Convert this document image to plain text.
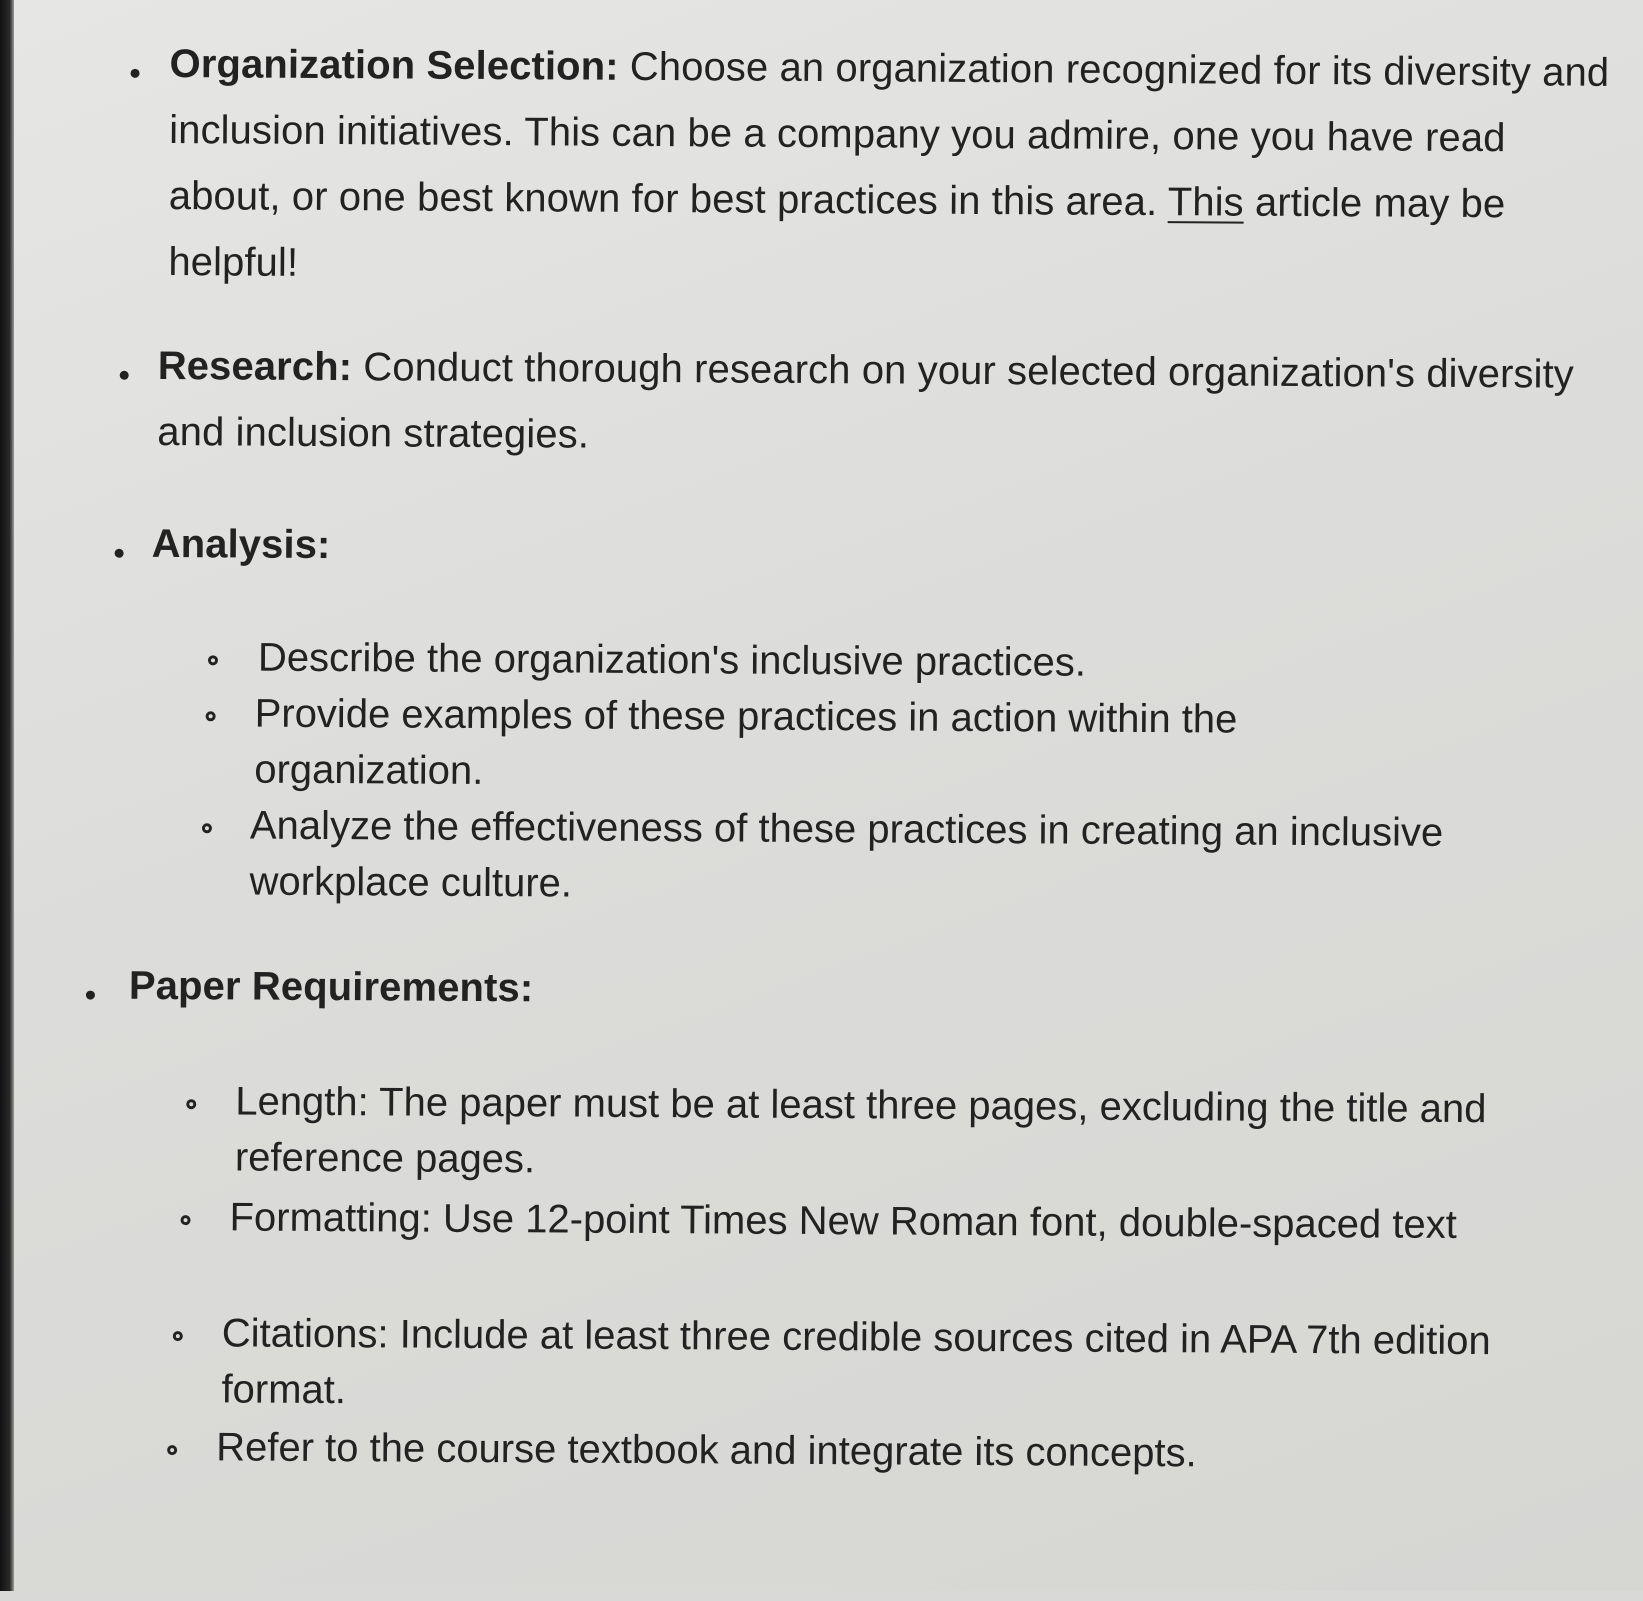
Organization Selection: Choose an organization recognized for its diversity and inclusion initiatives. This can be a company you admire, one you have read about, or one best known for best practices in this area. This article may be helpful!
Research: Conduct thorough research on your selected organization's diversity and inclusion strategies.
Analysis:
Describe the organization's inclusive practices.
Provide examples of these practices in action within the organization.
Analyze the effectiveness of these practices in creating an inclusive workplace culture.
Paper Requirements:
Length: The paper must be at least three pages, excluding the title and reference pages.
Formatting: Use 12-point Times New Roman font, double-spaced text
Citations: Include at least three credible sources cited in APA 7th edition format.
Refer to the course textbook and integrate its concepts.
